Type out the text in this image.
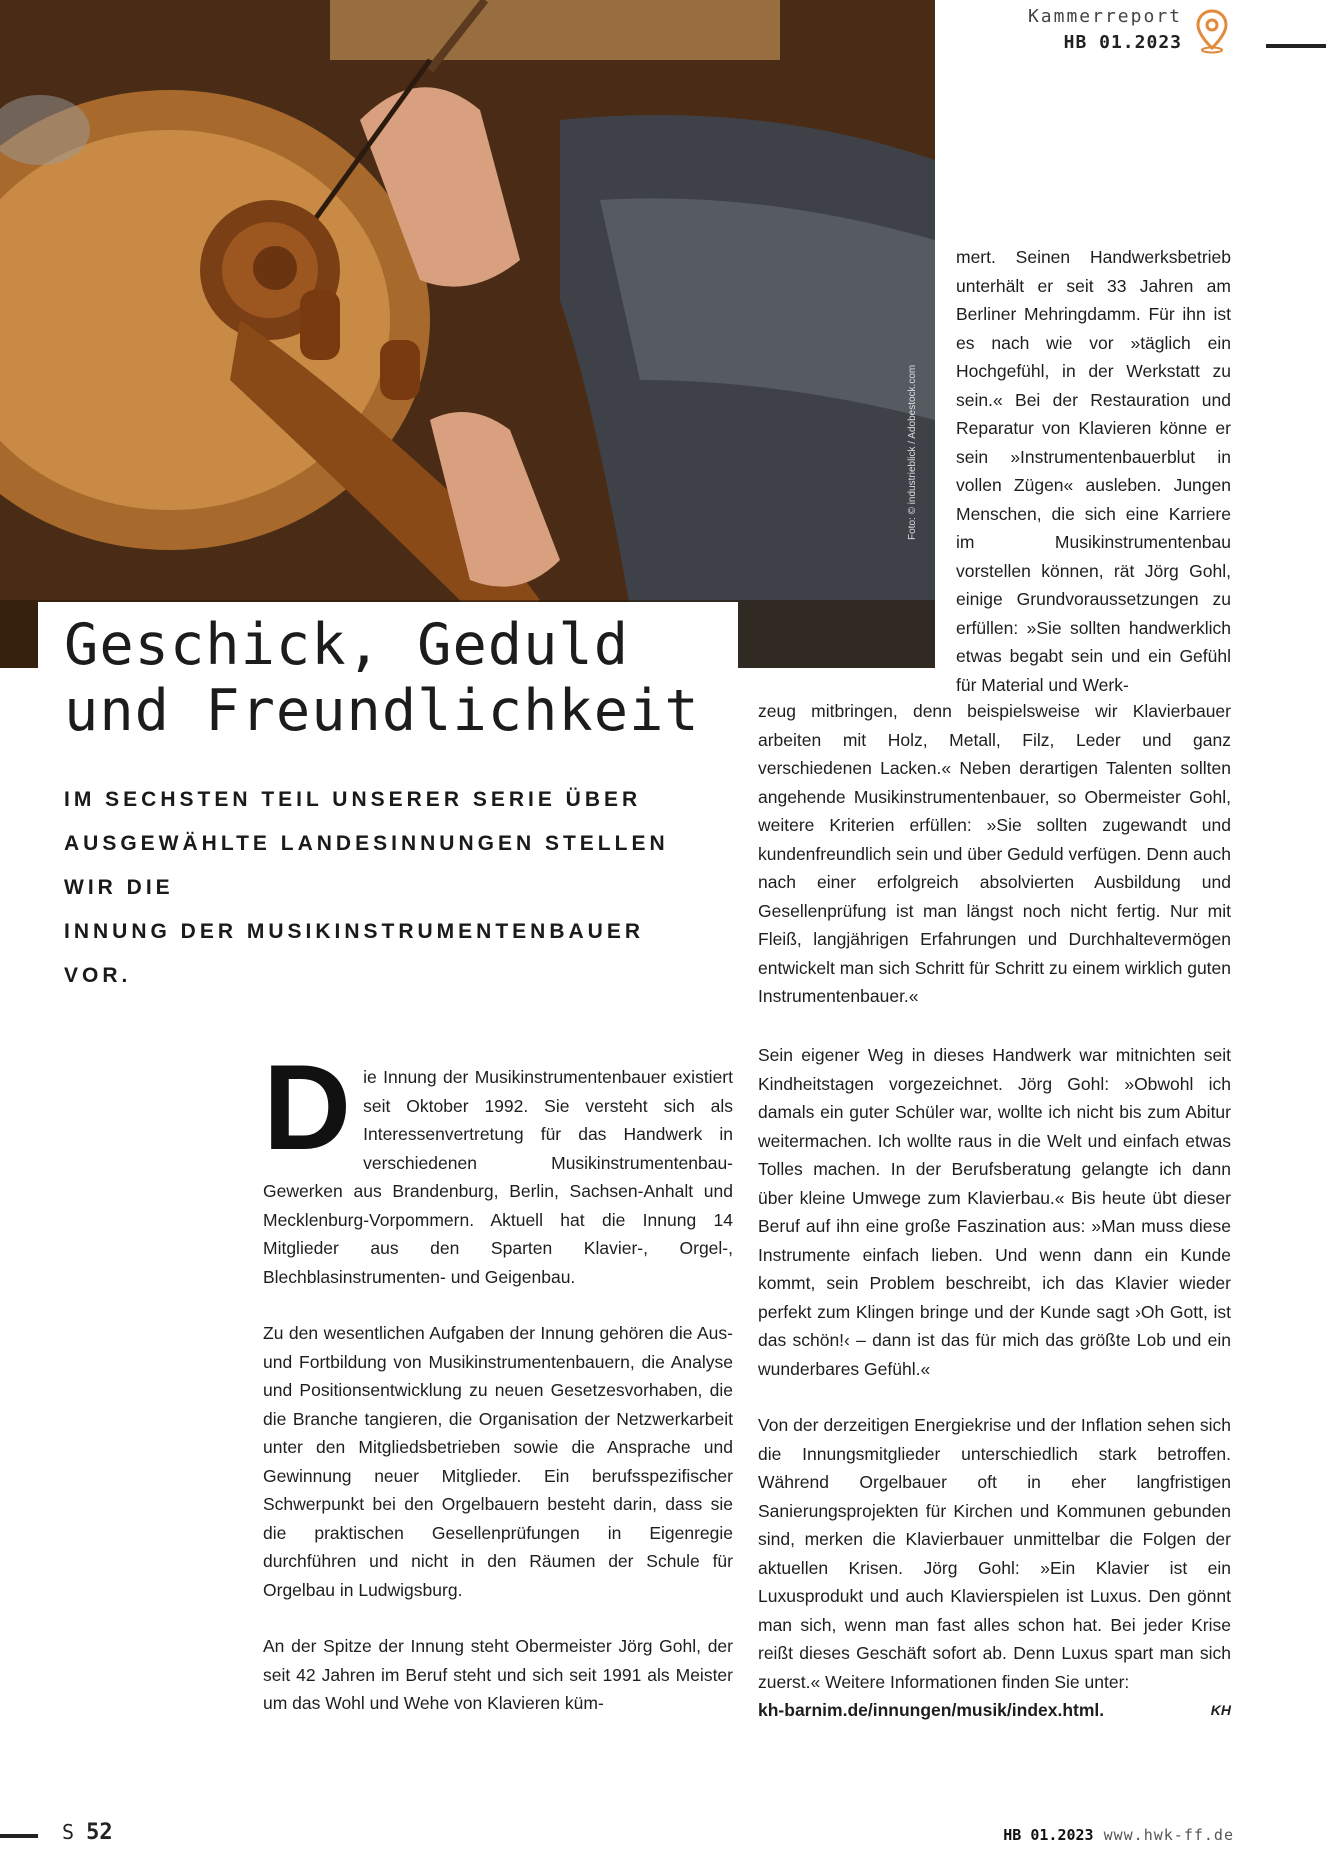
Foto: © industrieblick / Adobestock.com
Kammerreport
HB 01.2023
Geschick, Geduld
und Freundlichkeit
IM SECHSTEN TEIL UNSERER SERIE ÜBER
AUSGEWÄHLTE LANDESINNUNGEN STELLEN WIR DIE
INNUNG DER MUSIKINSTRUMENTENBAUER VOR.

Die Innung der Musikinstrumentenbauer existiert seit Oktober 1992. Sie versteht sich als Interessenvertretung für das Handwerk in verschiedenen Musikinstrumentenbau-Gewerken aus Brandenburg, Berlin, Sachsen-Anhalt und Mecklenburg-Vorpommern. Aktuell hat die Innung 14 Mitglieder aus den Sparten Klavier-, Orgel-, Blechblasinstrumenten- und Geigenbau.

Zu den wesentlichen Aufgaben der Innung gehören die Aus- und Fortbildung von Musikinstrumentenbauern, die Analyse und Positionsentwicklung zu neuen Gesetzesvorhaben, die die Branche tangieren, die Organisation der Netzwerkarbeit unter den Mitgliedsbetrieben sowie die Ansprache und Gewinnung neuer Mitglieder. Ein berufsspezifischer Schwerpunkt bei den Orgelbauern besteht darin, dass sie die praktischen Gesellenprüfungen in Eigenregie durchführen und nicht in den Räumen der Schule für Orgelbau in Ludwigsburg.

An der Spitze der Innung steht Obermeister Jörg Gohl, der seit 42 Jahren im Beruf steht und sich seit 1991 als Meister um das Wohl und Wehe von Klavieren küm-

mert. Seinen Handwerksbetrieb unterhält er seit 33 Jahren am Berliner Mehringdamm. Für ihn ist es nach wie vor »täglich ein Hochgefühl, in der Werkstatt zu sein.« Bei der Restauration und Reparatur von Klavieren könne er sein »Instrumentenbauerblut in vollen Zügen« ausleben. Jungen Menschen, die sich eine Karriere im Musikinstrumentenbau vorstellen können, rät Jörg Gohl, einige Grundvoraussetzungen zu erfüllen: »Sie sollten handwerklich etwas begabt sein und ein Gefühl für Material und Werk-

zeug mitbringen, denn beispielsweise wir Klavierbauer arbeiten mit Holz, Metall, Filz, Leder und ganz verschiedenen Lacken.« Neben derartigen Talenten sollten angehende Musikinstrumentenbauer, so Obermeister Gohl, weitere Kriterien erfüllen: »Sie sollten zugewandt und kundenfreundlich sein und über Geduld verfügen. Denn auch nach einer erfolgreich absolvierten Ausbildung und Gesellenprüfung ist man längst noch nicht fertig. Nur mit Fleiß, langjährigen Erfahrungen und Durchhaltevermögen entwickelt man sich Schritt für Schritt zu einem wirklich guten Instrumentenbauer.«

Sein eigener Weg in dieses Handwerk war mitnichten seit Kindheitstagen vorgezeichnet. Jörg Gohl: »Obwohl ich damals ein guter Schüler war, wollte ich nicht bis zum Abitur weitermachen. Ich wollte raus in die Welt und einfach etwas Tolles machen. In der Berufsberatung gelangte ich dann über kleine Umwege zum Klavierbau.« Bis heute übt dieser Beruf auf ihn eine große Faszination aus: »Man muss diese Instrumente einfach lieben. Und wenn dann ein Kunde kommt, sein Problem beschreibt, ich das Klavier wieder perfekt zum Klingen bringe und der Kunde sagt ›Oh Gott, ist das schön!‹ – dann ist das für mich das größte Lob und ein wunderbares Gefühl.«

Von der derzeitigen Energiekrise und der Inflation sehen sich die Innungsmitglieder unterschiedlich stark betroffen. Während Orgelbauer oft in eher langfristigen Sanierungsprojekten für Kirchen und Kommunen gebunden sind, merken die Klavierbauer unmittelbar die Folgen der aktuellen Krisen. Jörg Gohl: »Ein Klavier ist ein Luxusprodukt und auch Klavierspielen ist Luxus. Den gönnt man sich, wenn man fast alles schon hat. Bei jeder Krise reißt dieses Geschäft sofort ab. Denn Luxus spart man sich zuerst.« Weitere Informationen finden Sie unter:
kh-barnim.de/innungen/musik/index.html.	KH

S 52	HB 01.2023 www.hwk-ff.de
